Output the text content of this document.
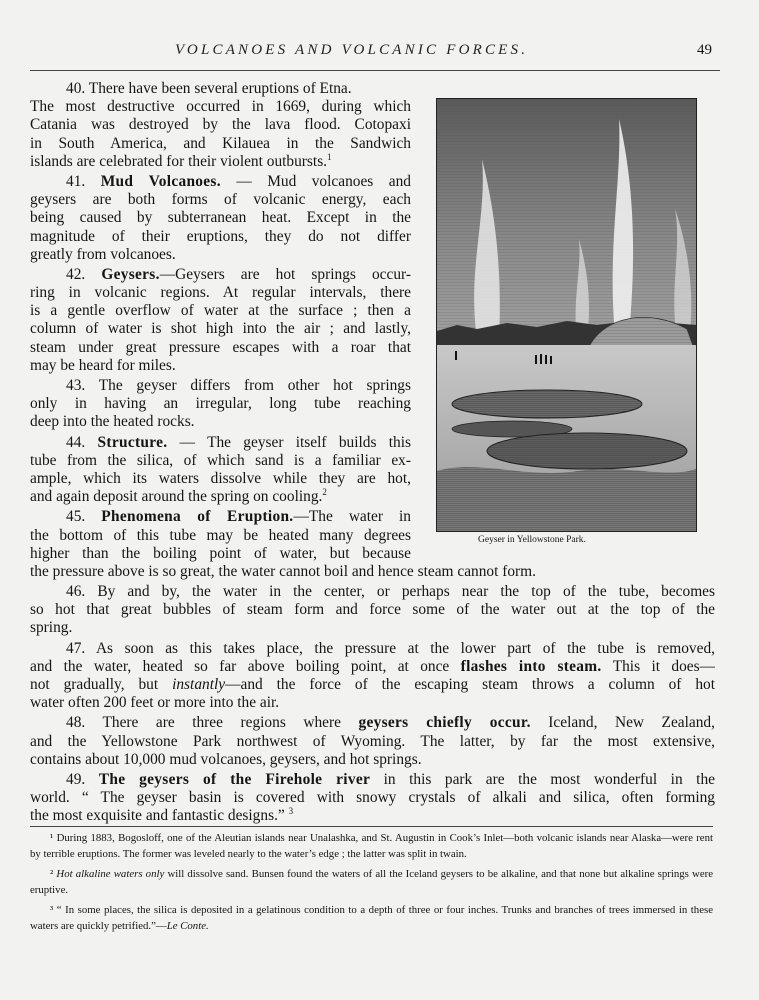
VOLCANOES AND VOLCANIC FORCES.	49
40. There have been several eruptions of Etna.
The most destructive occurred in 1669, during which
Catania was destroyed by the lava flood. Cotopaxi
in South America, and Kilauea in the Sandwich
islands are celebrated for their violent outbursts.$^1$
41. Mud Volcanoes. — Mud volcanoes and
geysers are both forms of volcanic energy, each
being caused by subterranean heat. Except in the
magnitude of their eruptions, they do not differ
greatly from volcanoes.
42. Geysers.—Geysers are hot springs occur-
ring in volcanic regions. At regular intervals, there
is a gentle overflow of water at the surface ; then a
column of water is shot high into the air ; and lastly,
steam under great pressure escapes with a roar that
may be heard for miles.
43. The geyser differs from other hot springs
only in having an irregular, long tube reaching
deep into the heated rocks.
44. Structure. — The geyser itself builds this
tube from the silica, of which sand is a familiar ex-
ample, which its waters dissolve while they are hot,
and again deposit around the spring on cooling.$^2$
45. Phenomena of Eruption.—The water in
the bottom of this tube may be heated many degrees
higher than the boiling point of water, but because
the pressure above is so great, the water cannot boil and hence steam cannot form.
46. By and by, the water in the center, or perhaps near the top of the tube, becomes
so hot that great bubbles of steam form and force some of the water out at the top of the
spring.
47. As soon as this takes place, the pressure at the lower part of the tube is removed,
and the water, heated so far above boiling point, at once flashes into steam. This it does—
not gradually, but instantly—and the force of the escaping steam throws a column of hot
water often 200 feet or more into the air.
48. There are three regions where geysers chiefly occur. Iceland, New Zealand,
and the Yellowstone Park northwest of Wyoming. The latter, by far the most extensive,
contains about 10,000 mud volcanoes, geysers, and hot springs.
49. The geysers of the Firehole river in this park are the most wonderful in the
world. “ The geyser basin is covered with snowy crystals of alkali and silica, often forming
the most exquisite and fantastic designs.” $^3$
Geyser in Yellowstone Park.

¹ During 1883, Bogosloff, one of the Aleutian islands near Unalashka, and St. Augustin in Cook’s Inlet—both volcanic islands near Alaska—were rent by terrible eruptions. The former was leveled nearly to the water’s edge ; the latter was split in twain.

² Hot alkaline waters only will dissolve sand. Bunsen found the waters of all the Iceland geysers to be alkaline, and that none but alkaline springs were eruptive.

³ “ In some places, the silica is deposited in a gelatinous condition to a depth of three or four inches. Trunks and branches of trees immersed in these waters are quickly petrified.”—Le Conte.
